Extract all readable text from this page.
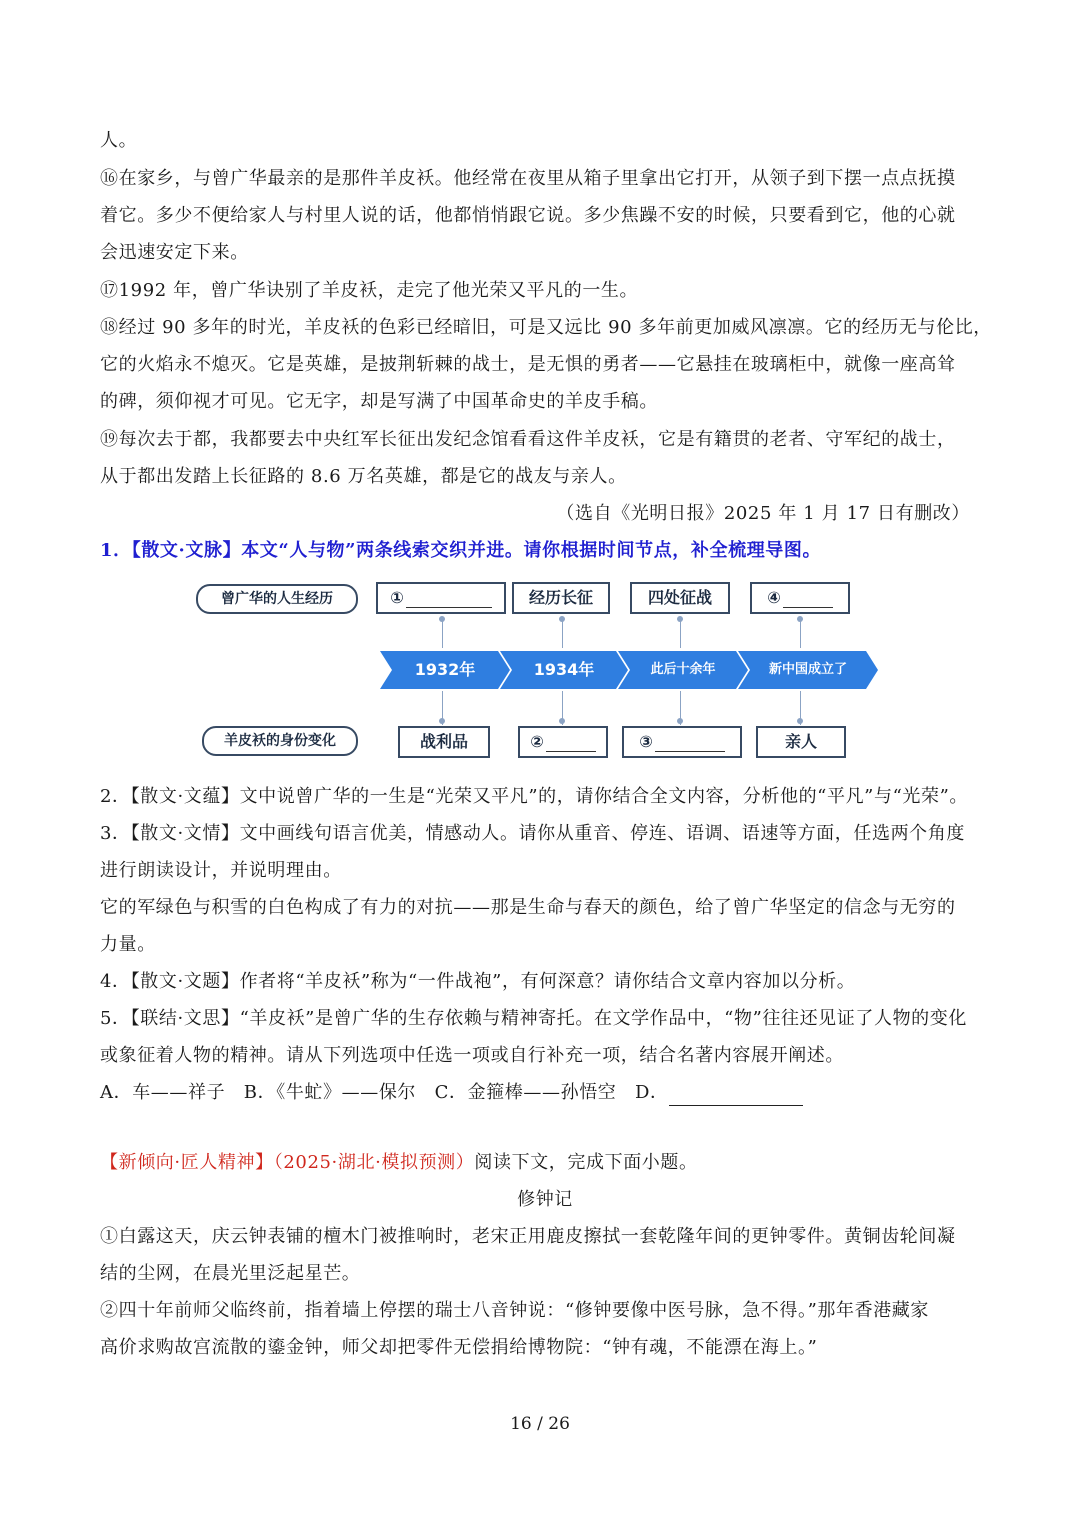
人。
⑯在家乡，与曾广华最亲的是那件羊皮袄。他经常在夜里从箱子里拿出它打开，从领子到下摆一点点抚摸
着它。多少不便给家人与村里人说的话，他都悄悄跟它说。多少焦躁不安的时候，只要看到它，他的心就
会迅速安定下来。
⑰1992 年，曾广华诀别了羊皮袄，走完了他光荣又平凡的一生。
⑱经过 90 多年的时光，羊皮袄的色彩已经暗旧，可是又远比 90 多年前更加威风凛凛。它的经历无与伦比，
它的火焰永不熄灭。它是英雄，是披荆斩棘的战士，是无惧的勇者——它悬挂在玻璃柜中，就像一座高耸
的碑，须仰视才可见。它无字，却是写满了中国革命史的羊皮手稿。
⑲每次去于都，我都要去中央红军长征出发纪念馆看看这件羊皮袄，它是有籍贯的老者、守军纪的战士，
从于都出发踏上长征路的 8.6 万名英雄，都是它的战友与亲人。
（选自《光明日报》2025 年 1 月 17 日有删改）
1．【散文·文脉】本文“人与物”两条线索交织并进。请你根据时间节点，补全梳理导图。
曾广华的人生经历
羊皮袄的身份变化
①	经历长征	四处征战	④
1932年	1934年	此后十余年	新中国成立了
战利品	②	③	亲人
2．【散文·文蕴】文中说曾广华的一生是“光荣又平凡”的，请你结合全文内容，分析他的“平凡”与“光荣”。
3．【散文·文情】文中画线句语言优美，情感动人。请你从重音、停连、语调、语速等方面，任选两个角度
进行朗读设计，并说明理由。
它的军绿色与积雪的白色构成了有力的对抗——那是生命与春天的颜色，给了曾广华坚定的信念与无穷的
力量。
4．【散文·文题】作者将“羊皮袄”称为“一件战袍”，有何深意？请你结合文章内容加以分析。
5．【联结·文思】“羊皮袄”是曾广华的生存依赖与精神寄托。在文学作品中，“物”往往还见证了人物的变化
或象征着人物的精神。请从下列选项中任选一项或自行补充一项，结合名著内容展开阐述。
A．车——祥子　B．《牛虻》——保尔　C．金箍棒——孙悟空　D．
【新倾向·匠人精神】（2025·湖北·模拟预测）阅读下文，完成下面小题。
修钟记
①白露这天，庆云钟表铺的檀木门被推响时，老宋正用鹿皮擦拭一套乾隆年间的更钟零件。黄铜齿轮间凝
结的尘网，在晨光里泛起星芒。
②四十年前师父临终前，指着墙上停摆的瑞士八音钟说：“修钟要像中医号脉，急不得。”那年香港藏家
高价求购故宫流散的鎏金钟，师父却把零件无偿捐给博物院：“钟有魂，不能漂在海上。”
16 / 26
